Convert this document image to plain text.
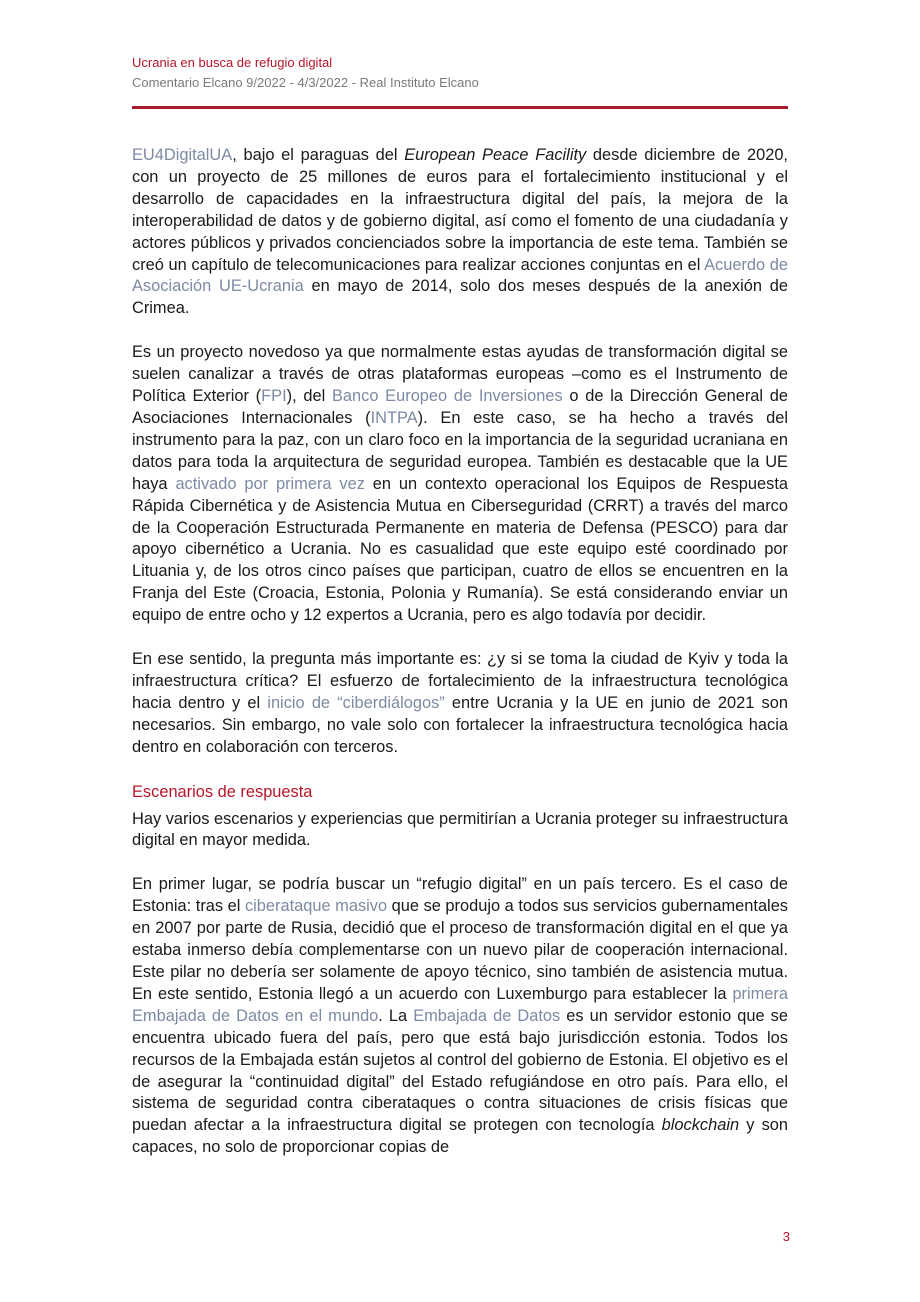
Ucrania en busca de refugio digital
Comentario Elcano 9/2022 - 4/3/2022 - Real Instituto Elcano

EU4DigitalUA, bajo el paraguas del European Peace Facility desde diciembre de 2020, con un proyecto de 25 millones de euros para el fortalecimiento institucional y el desarrollo de capacidades en la infraestructura digital del país, la mejora de la interoperabilidad de datos y de gobierno digital, así como el fomento de una ciudadanía y actores públicos y privados concienciados sobre la importancia de este tema. También se creó un capítulo de telecomunicaciones para realizar acciones conjuntas en el Acuerdo de Asociación UE-Ucrania en mayo de 2014, solo dos meses después de la anexión de Crimea.

Es un proyecto novedoso ya que normalmente estas ayudas de transformación digital se suelen canalizar a través de otras plataformas europeas –como es el Instrumento de Política Exterior (FPI), del Banco Europeo de Inversiones o de la Dirección General de Asociaciones Internacionales (INTPA). En este caso, se ha hecho a través del instrumento para la paz, con un claro foco en la importancia de la seguridad ucraniana en datos para toda la arquitectura de seguridad europea. También es destacable que la UE haya activado por primera vez en un contexto operacional los Equipos de Respuesta Rápida Cibernética y de Asistencia Mutua en Ciberseguridad (CRRT) a través del marco de la Cooperación Estructurada Permanente en materia de Defensa (PESCO) para dar apoyo cibernético a Ucrania. No es casualidad que este equipo esté coordinado por Lituania y, de los otros cinco países que participan, cuatro de ellos se encuentren en la Franja del Este (Croacia, Estonia, Polonia y Rumanía). Se está considerando enviar un equipo de entre ocho y 12 expertos a Ucrania, pero es algo todavía por decidir.

En ese sentido, la pregunta más importante es: ¿y si se toma la ciudad de Kyiv y toda la infraestructura crítica? El esfuerzo de fortalecimiento de la infraestructura tecnológica hacia dentro y el inicio de “ciberdiálogos” entre Ucrania y la UE en junio de 2021 son necesarios. Sin embargo, no vale solo con fortalecer la infraestructura tecnológica hacia dentro en colaboración con terceros.

Escenarios de respuesta

Hay varios escenarios y experiencias que permitirían a Ucrania proteger su infraestructura digital en mayor medida.

En primer lugar, se podría buscar un “refugio digital” en un país tercero. Es el caso de Estonia: tras el ciberataque masivo que se produjo a todos sus servicios gubernamentales en 2007 por parte de Rusia, decidió que el proceso de transformación digital en el que ya estaba inmerso debía complementarse con un nuevo pilar de cooperación internacional. Este pilar no debería ser solamente de apoyo técnico, sino también de asistencia mutua. En este sentido, Estonia llegó a un acuerdo con Luxemburgo para establecer la primera Embajada de Datos en el mundo. La Embajada de Datos es un servidor estonio que se encuentra ubicado fuera del país, pero que está bajo jurisdicción estonia. Todos los recursos de la Embajada están sujetos al control del gobierno de Estonia. El objetivo es el de asegurar la “continuidad digital” del Estado refugiándose en otro país. Para ello, el sistema de seguridad contra ciberataques o contra situaciones de crisis físicas que puedan afectar a la infraestructura digital se protegen con tecnología blockchain y son capaces, no solo de proporcionar copias de

3
